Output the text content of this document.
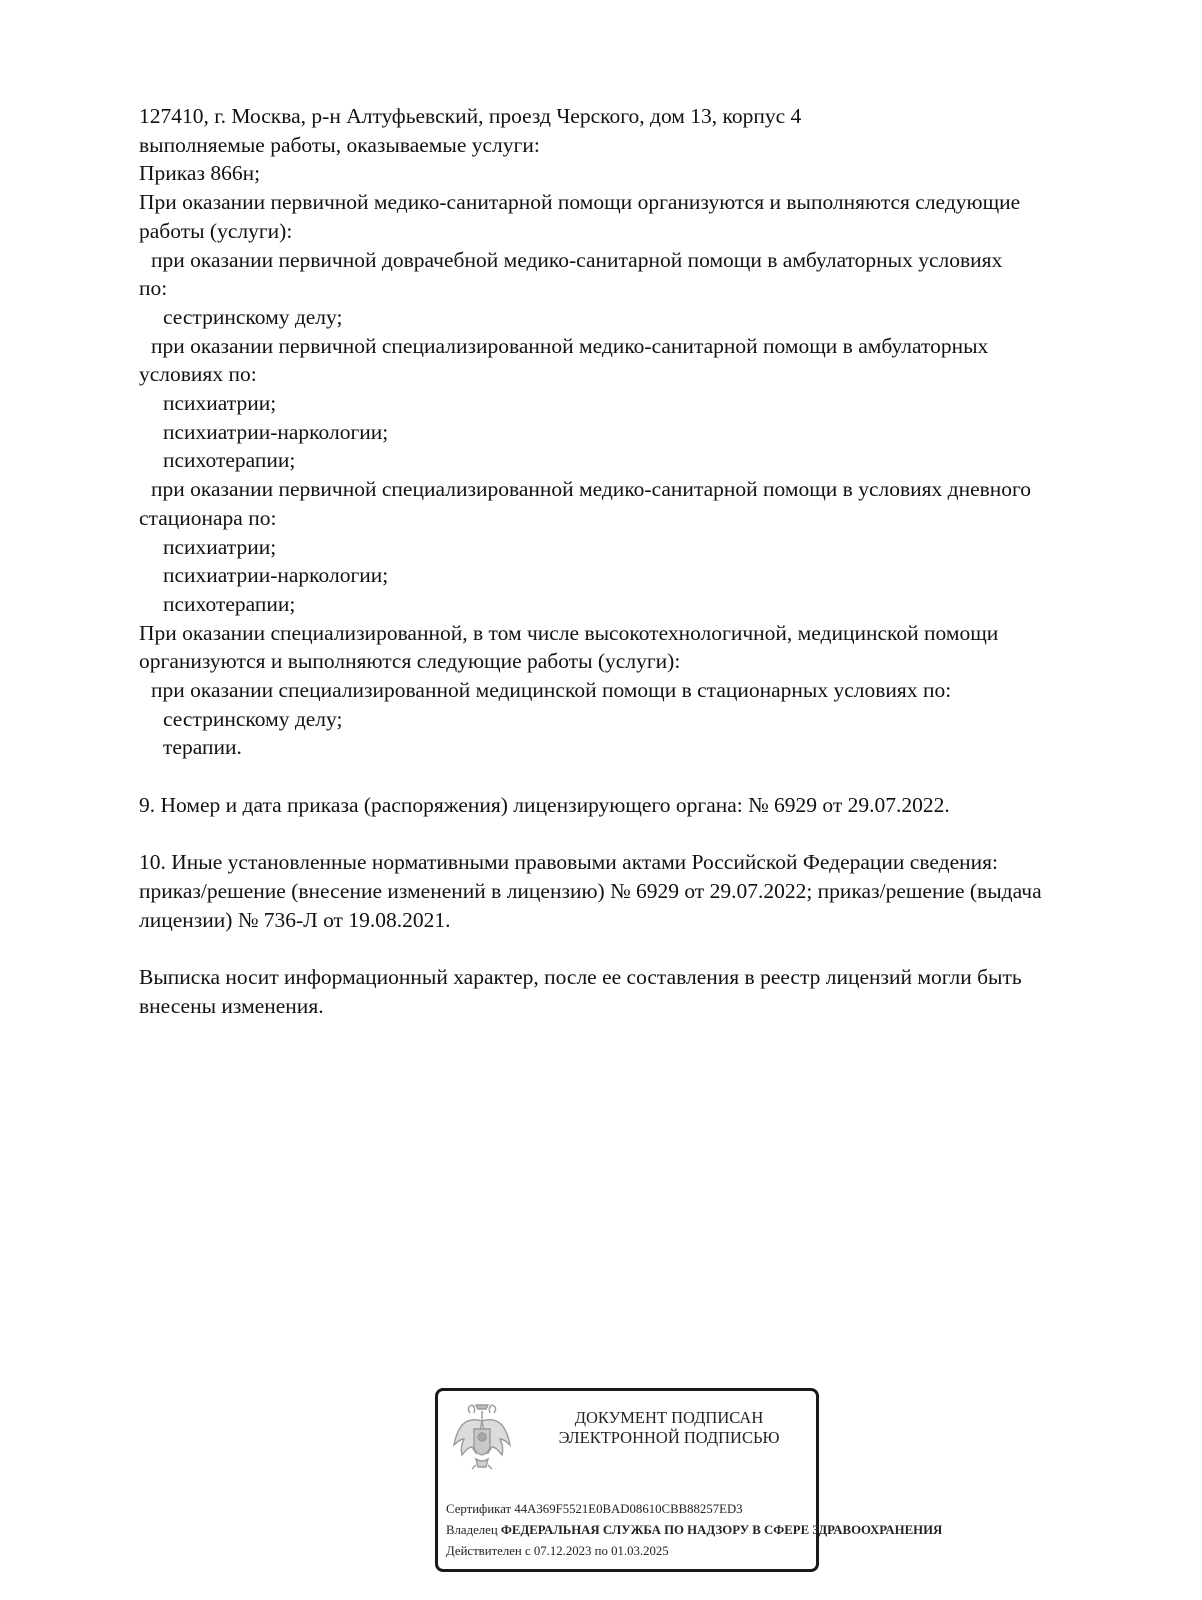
127410, г. Москва, р-н Алтуфьевский, проезд Черского, дом 13, корпус 4
выполняемые работы, оказываемые услуги:
Приказ 866н;
При оказании первичной медико-санитарной помощи организуются и выполняются следующие
работы (услуги):
при оказании первичной доврачебной медико-санитарной помощи в амбулаторных условиях
по:
сестринскому делу;
при оказании первичной специализированной медико-санитарной помощи в амбулаторных
условиях по:
психиатрии;
психиатрии-наркологии;
психотерапии;
при оказании первичной специализированной медико-санитарной помощи в условиях дневного
стационара по:
психиатрии;
психиатрии-наркологии;
психотерапии;
При оказании специализированной, в том числе высокотехнологичной, медицинской помощи
организуются и выполняются следующие работы (услуги):
при оказании специализированной медицинской помощи в стационарных условиях по:
сестринскому делу;
терапии.
9. Номер и дата приказа (распоряжения) лицензирующего органа: № 6929 от 29.07.2022.
10. Иные установленные нормативными правовыми актами Российской Федерации сведения:
приказ/решение (внесение изменений в лицензию) № 6929 от 29.07.2022; приказ/решение (выдача
лицензии) № 736-Л от 19.08.2021.
Выписка носит информационный характер, после ее составления в реестр лицензий могли быть
внесены изменения.
ДОКУМЕНТ ПОДПИСАН
ЭЛЕКТРОННОЙ ПОДПИСЬЮ
Сертификат 44A369F5521E0BAD08610CBB88257ED3
Владелец ФЕДЕРАЛЬНАЯ СЛУЖБА ПО НАДЗОРУ В СФЕРЕ ЗДРАВООХРАНЕНИЯ
Действителен с 07.12.2023 по 01.03.2025
